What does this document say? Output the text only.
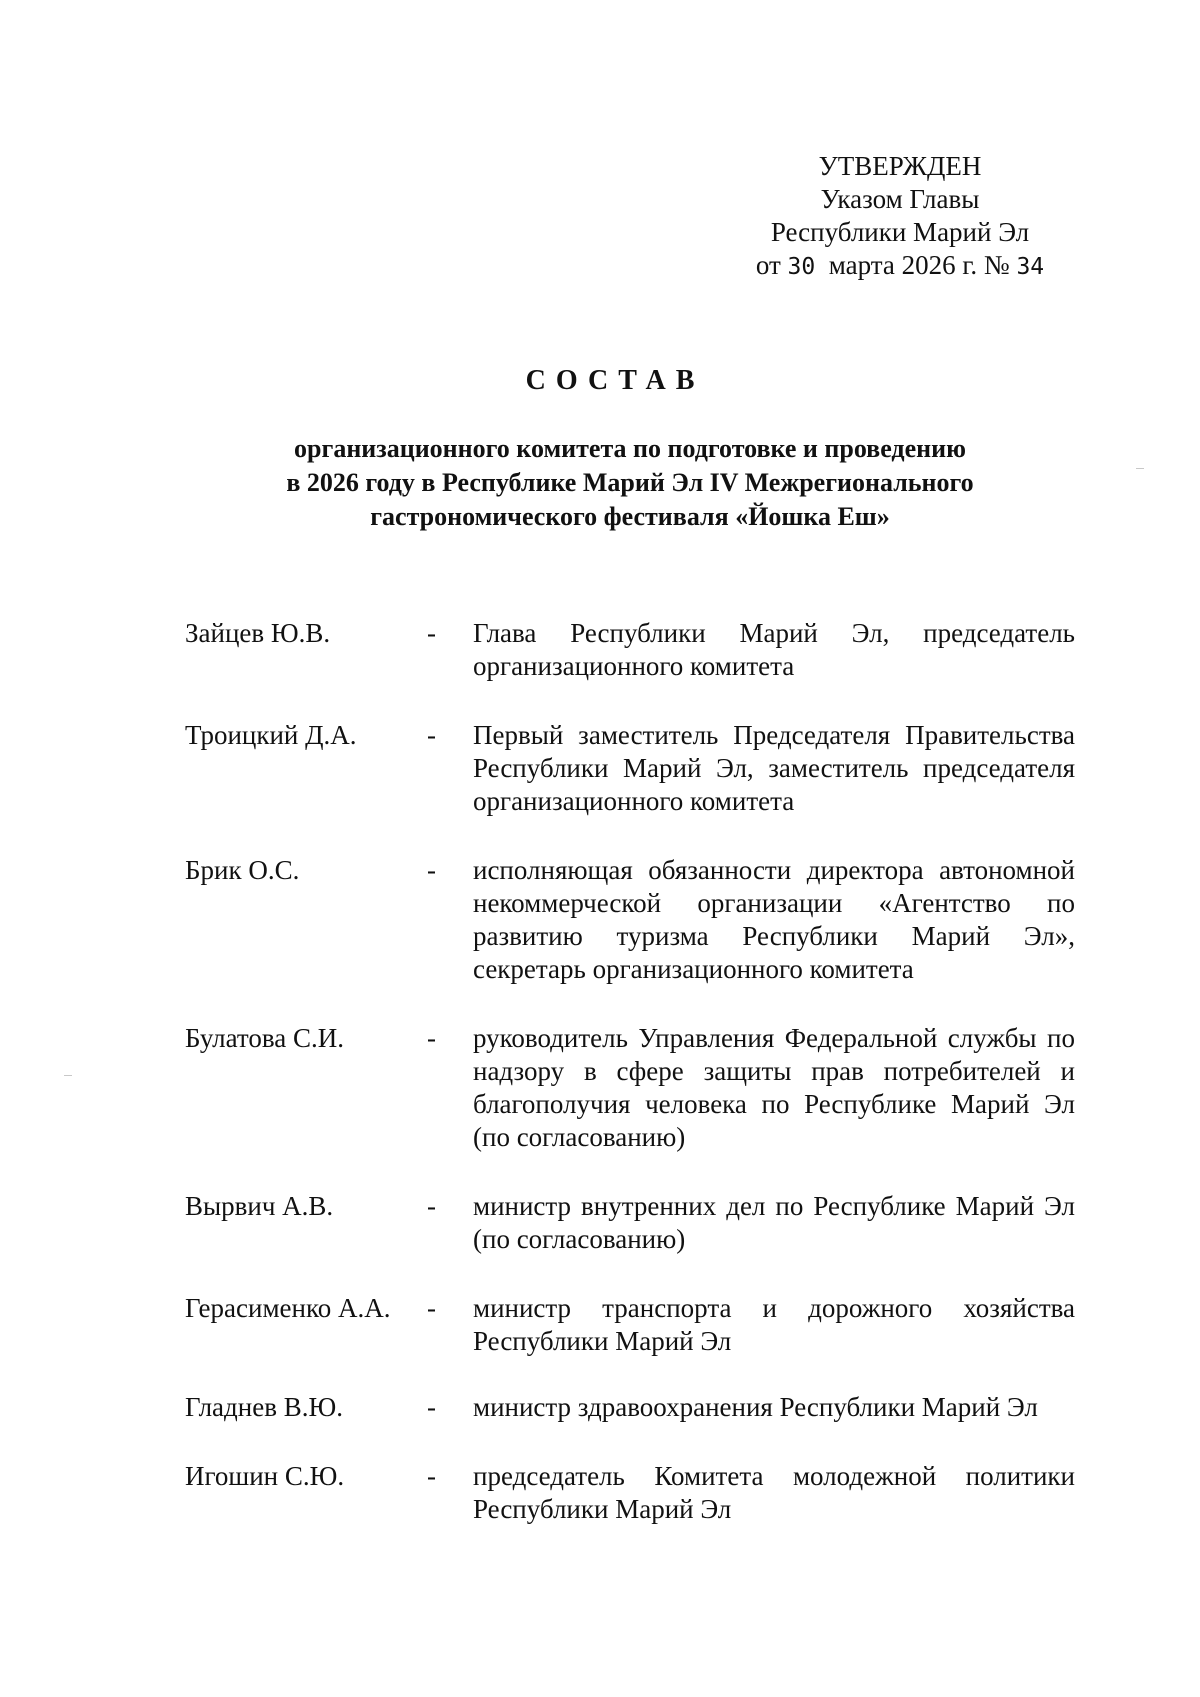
УТВЕРЖДЕН
Указом Главы
Республики Марий Эл
от 30 марта 2026 г. № 34
СОСТАВ
организационного комитета по подготовке и проведению
в 2026 году в Республике Марий Эл IV Межрегионального
гастрономического фестиваля «Йошка Еш»
Зайцев Ю.В.	-	Глава Республики Марий Эл, председатель организационного комитета
Троицкий Д.А.	-	Первый заместитель Председателя Правительства Республики Марий Эл, заместитель председателя организационного комитета
Брик О.С.	-	исполняющая обязанности директора автономной некоммерческой организации «Агентство по развитию туризма Республики Марий Эл», секретарь организационного комитета
Булатова С.И.	-	руководитель Управления Федеральной службы по надзору в сфере защиты прав потребителей и благополучия человека по Республике Марий Эл (по согласованию)
Вырвич А.В.	-	министр внутренних дел по Республике Марий Эл (по согласованию)
Герасименко А.А.	-	министр транспорта и дорожного хозяйства Республики Марий Эл
Гладнев В.Ю.	-	министр здравоохранения Республики Марий Эл
Игошин С.Ю.	-	председатель Комитета молодежной политики Республики Марий Эл
